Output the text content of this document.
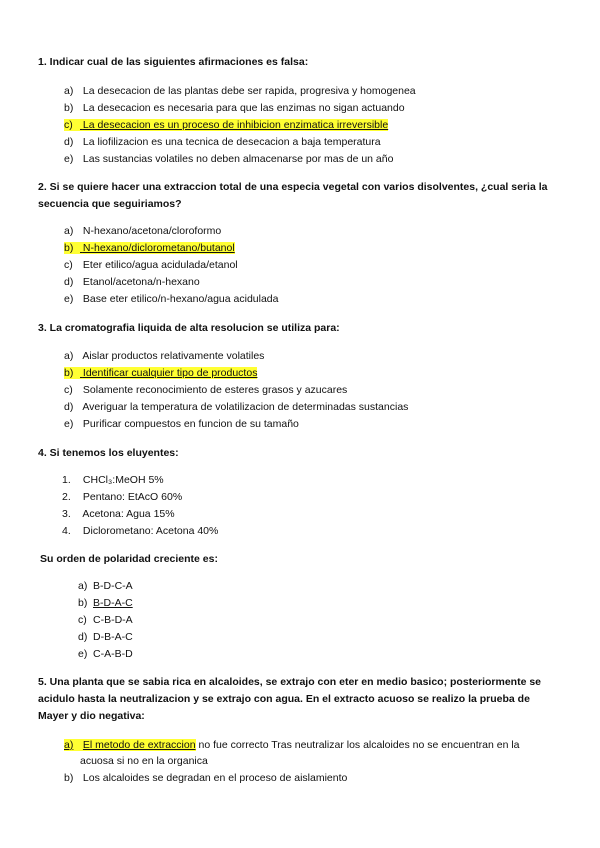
1. Indicar cual de las siguientes afirmaciones es falsa:
a) La desecacion de las plantas debe ser rapida, progresiva y homogenea
b) La desecacion es necesaria para que las enzimas no sigan actuando
c) La desecacion es un proceso de inhibicion enzimatica irreversible
d) La liofilizacion es una tecnica de desecacion a baja temperatura
e) Las sustancias volatiles no deben almacenarse por mas de un año
2. Si se quiere hacer una extraccion total de una especia vegetal con varios disolventes, ¿cual seria la
secuencia que seguiriamos?
a) N-hexano/acetona/cloroformo
b) N-hexano/diclorometano/butanol
c) Eter etilico/agua acidulada/etanol
d) Etanol/acetona/n-hexano
e) Base eter etilico/n-hexano/agua acidulada
3. La cromatografia liquida de alta resolucion se utiliza para:
a) Aislar productos relativamente volatiles
b) Identificar cualquier tipo de productos
c) Solamente reconocimiento de esteres grasos y azucares
d) Averiguar la temperatura de volatilizacion de determinadas sustancias
e) Purificar compuestos en funcion de su tamaño
4. Si tenemos los eluyentes:
1. CHCl₃:MeOH 5%
2. Pentano: EtAcO 60%
3. Acetona: Agua 15%
4. Diclorometano: Acetona 40%
Su orden de polaridad creciente es:
a) B-D-C-A
b) B-D-A-C
c) C-B-D-A
d) D-B-A-C
e) C-A-B-D
5. Una planta que se sabia rica en alcaloides, se extrajo con eter en medio basico; posteriormente se
acidulo hasta la neutralizacion y se extrajo con agua. En el extracto acuoso se realizo la prueba de
Mayer y dio negativa:
a) El metodo de extraccion no fue correcto Tras neutralizar los alcaloides no se encuentran en la
acuosa si no en la organica
b) Los alcaloides se degradan en el proceso de aislamiento
